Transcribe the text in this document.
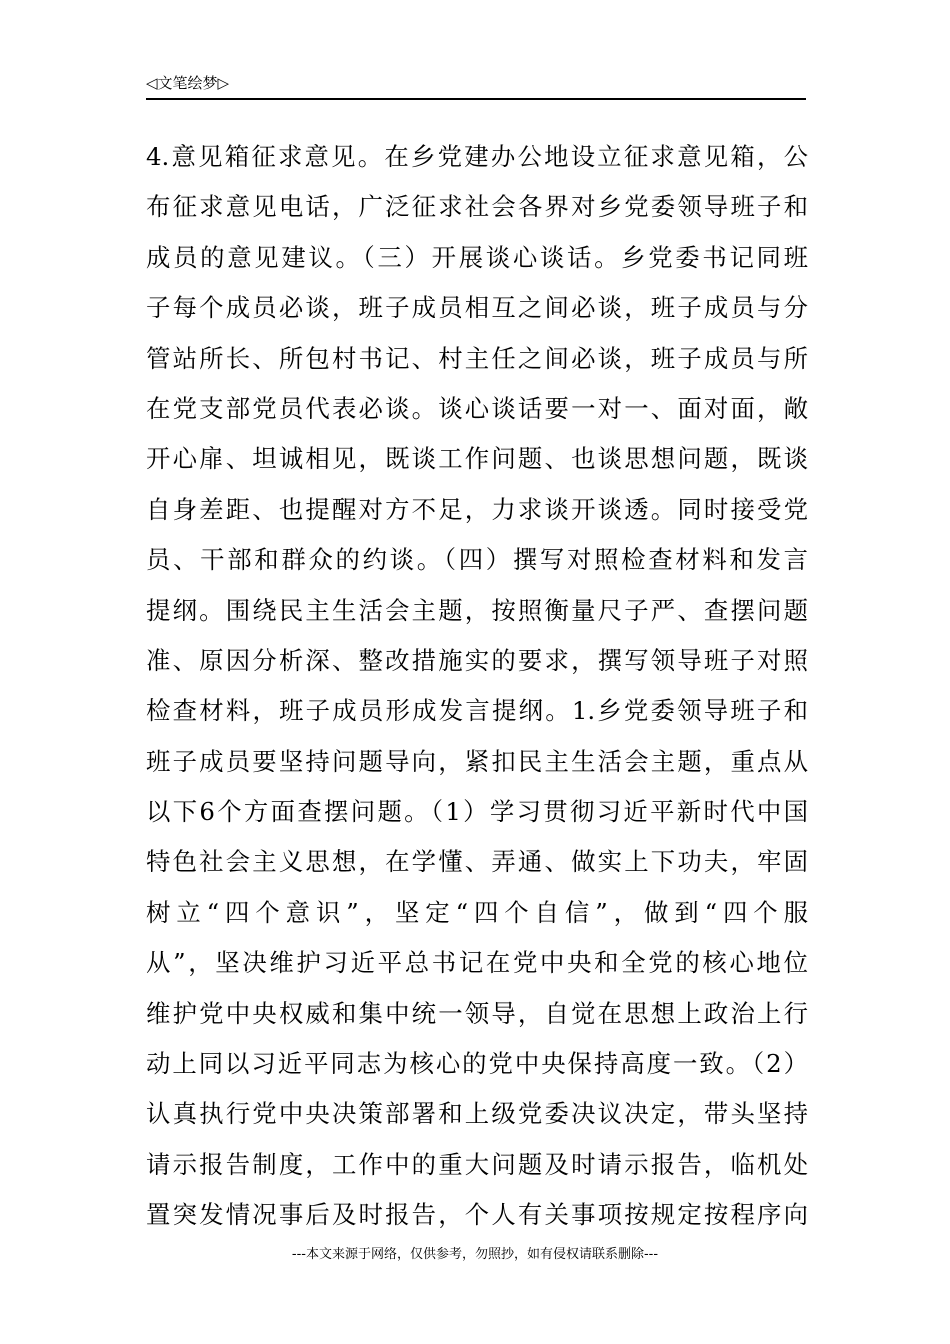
◁文笔绘梦▷
4.意见箱征求意见。在乡党建办公地设立征求意见箱，公
布征求意见电话，广泛征求社会各界对乡党委领导班子和
成员的意见建议。（三）开展谈心谈话。乡党委书记同班
子每个成员必谈，班子成员相互之间必谈，班子成员与分
管站所长、所包村书记、村主任之间必谈，班子成员与所
在党支部党员代表必谈。谈心谈话要一对一、面对面，敞
开心扉、坦诚相见，既谈工作问题、也谈思想问题，既谈
自身差距、也提醒对方不足，力求谈开谈透。同时接受党
员、干部和群众的约谈。（四）撰写对照检查材料和发言
提纲。围绕民主生活会主题，按照衡量尺子严、查摆问题
准、原因分析深、整改措施实的要求，撰写领导班子对照
检查材料，班子成员形成发言提纲。1.乡党委领导班子和
班子成员要坚持问题导向，紧扣民主生活会主题，重点从
以下6个方面查摆问题。（1）学习贯彻习近平新时代中国
特色社会主义思想，在学懂、弄通、做实上下功夫，牢固
树立“四个意识”，坚定“四个自信”，做到“四个服
从”，坚决维护习近平总书记在党中央和全党的核心地位
维护党中央权威和集中统一领导，自觉在思想上政治上行
动上同以习近平同志为核心的党中央保持高度一致。（2）
认真执行党中央决策部署和上级党委决议决定，带头坚持
请示报告制度，工作中的重大问题及时请示报告，临机处
置突发情况事后及时报告，个人有关事项按规定按程序向
---本文来源于网络，仅供参考，勿照抄，如有侵权请联系删除---
